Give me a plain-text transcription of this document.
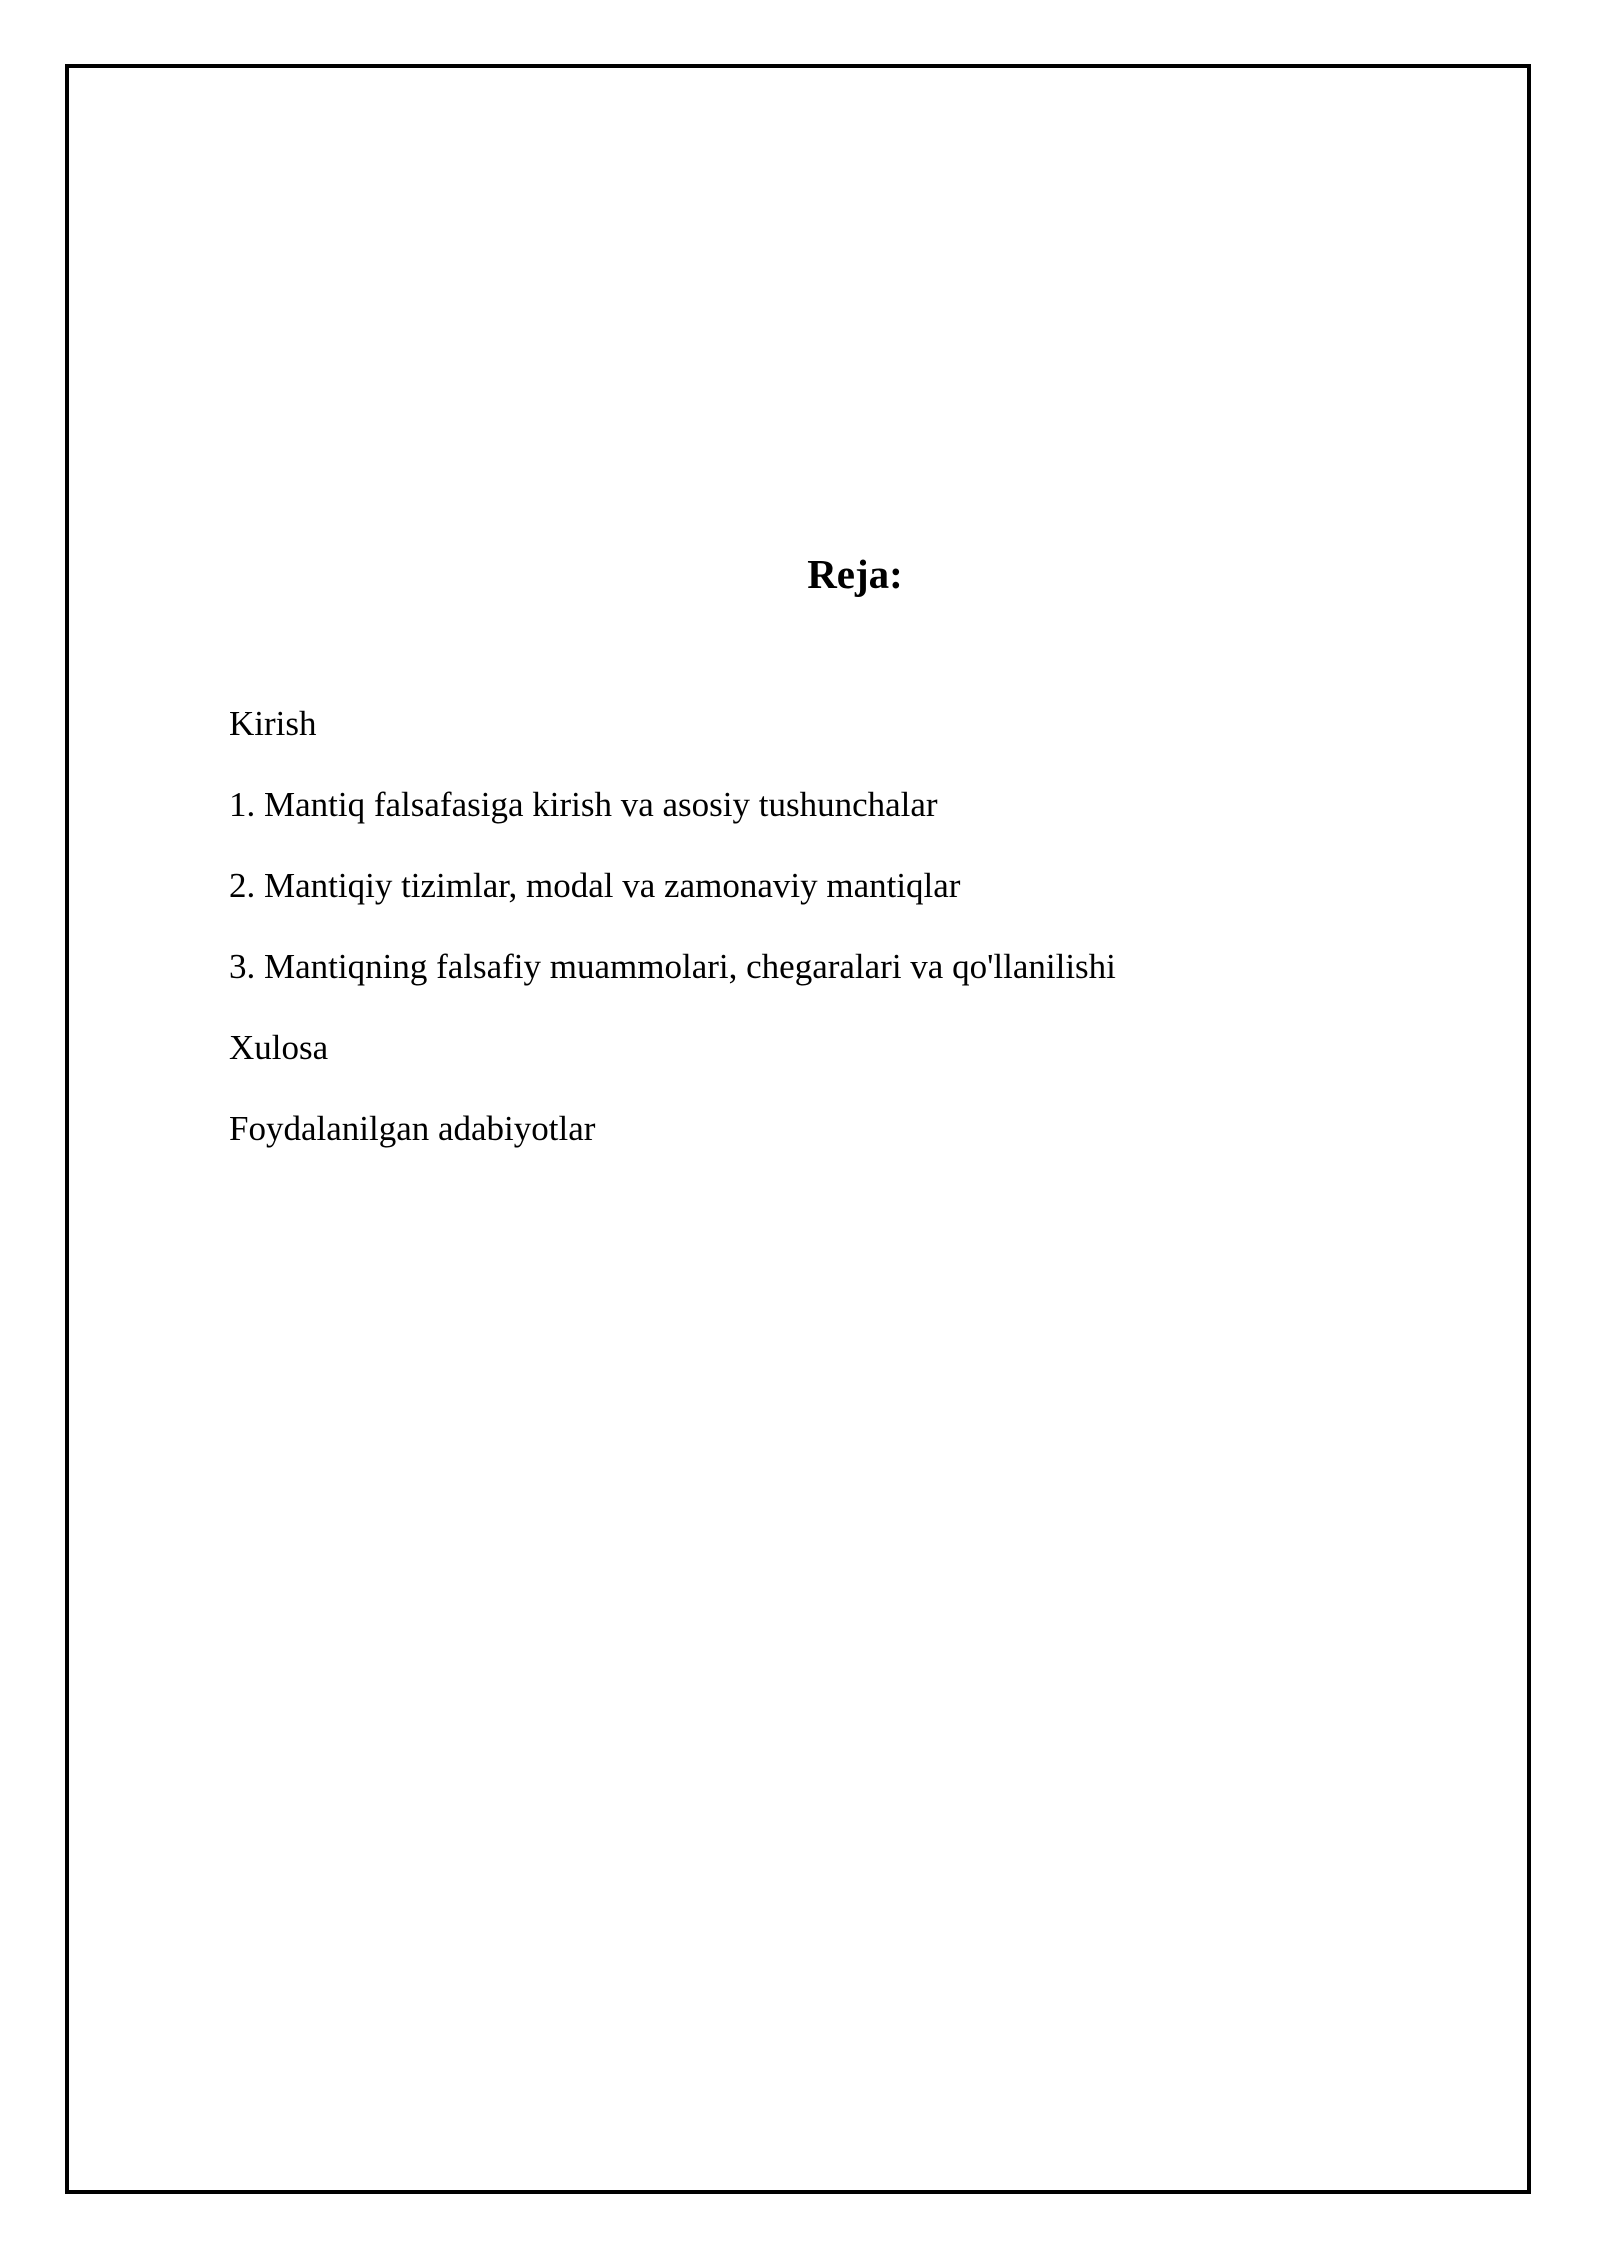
Reja:
Kirish
1. Mantiq falsafasiga kirish va asosiy tushunchalar
2. Mantiqiy tizimlar, modal va zamonaviy mantiqlar
3. Mantiqning falsafiy muammolari, chegaralari va qo'llanilishi
Xulosa
Foydalanilgan adabiyotlar
